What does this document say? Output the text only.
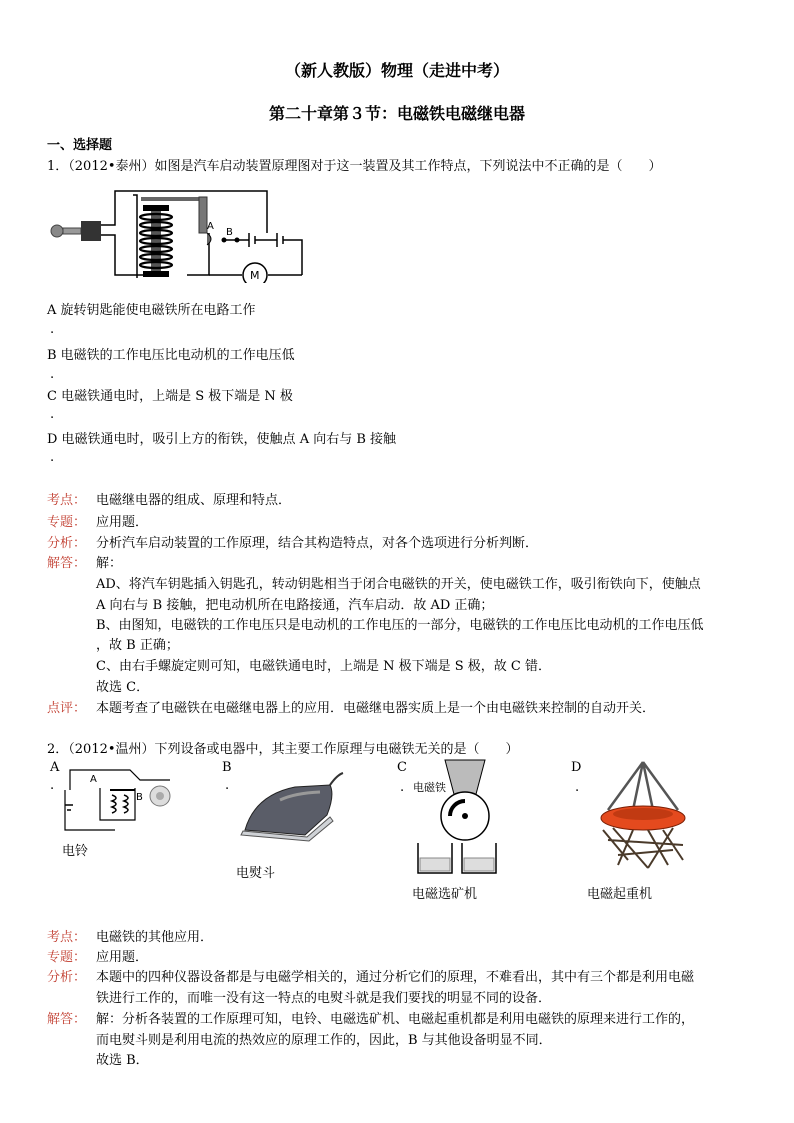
（新人教版）物理（走进中考）
第二十章第３节：电磁铁电磁继电器
一、选择题
1．（2012•泰州）如图是汽车启动装置原理图对于这一装置及其工作特点，下列说法中不正确的是（　　）
A
B
M
A 旋转钥匙能使电磁铁所在电路工作
.
B 电磁铁的工作电压比电动机的工作电压低
.
C 电磁铁通电时，上端是 S 极下端是 N 极
.
D 电磁铁通电时，吸引上方的衔铁，使触点 A 向右与 B 接触
.
考点： 电磁继电器的组成、原理和特点．
专题： 应用题．
分析： 分析汽车启动装置的工作原理，结合其构造特点，对各个选项进行分析判断．
解答： 解：
AD、将汽车钥匙插入钥匙孔，转动钥匙相当于闭合电磁铁的开关，使电磁铁工作，吸引衔铁向下，使触点
A 向右与 B 接触，把电动机所在电路接通，汽车启动．故 AD 正确；
B、由图知，电磁铁的工作电压只是电动机的工作电压的一部分，电磁铁的工作电压比电动机的工作电压低
，故 B 正确；
C、由右手螺旋定则可知，电磁铁通电时，上端是 N 极下端是 S 极，故 C 错．
故选 C．
点评： 本题考查了电磁铁在电磁继电器上的应用．电磁继电器实质上是一个由电磁铁来控制的自动开关．
2．（2012•温州）下列设备或电器中，其主要工作原理与电磁铁无关的是（　　）
A
.	A
B
电铃
B
.
电熨斗
C
. 电磁铁
电磁选矿机
D
.
电磁起重机
考点： 电磁铁的其他应用．
专题： 应用题．
分析： 本题中的四种仪器设备都是与电磁学相关的，通过分析它们的原理，不难看出，其中有三个都是利用电磁
铁进行工作的，而唯一没有这一特点的电熨斗就是我们要找的明显不同的设备．
解答： 解：分析各装置的工作原理可知，电铃、电磁选矿机、电磁起重机都是利用电磁铁的原理来进行工作的，
而电熨斗则是利用电流的热效应的原理工作的，因此，B 与其他设备明显不同．
故选 B．
